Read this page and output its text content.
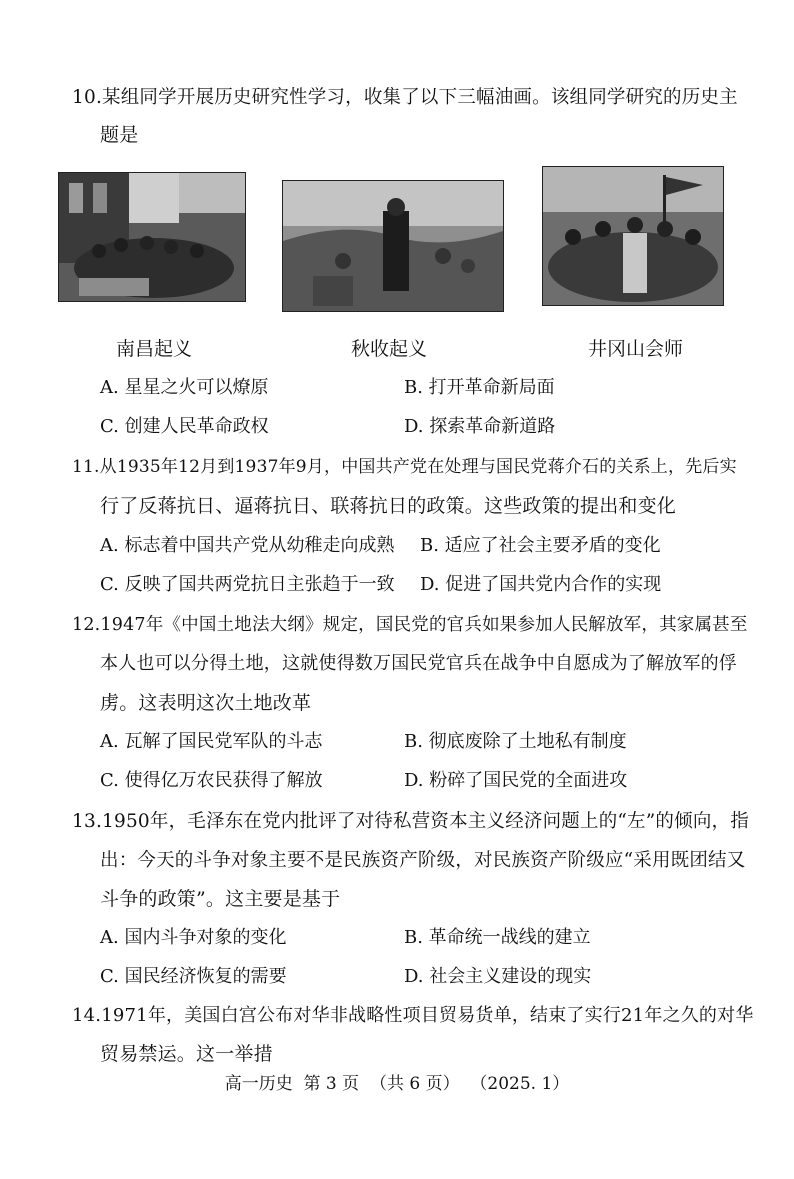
10.某组同学开展历史研究性学习，收集了以下三幅油画。该组同学研究的历史主
题是
南昌起义	秋收起义	井冈山会师
A. 星星之火可以燎原	B. 打开革命新局面
C. 创建人民革命政权	D. 探索革命新道路
11.从1935年12月到1937年9月，中国共产党在处理与国民党蒋介石的关系上，先后实
行了反蒋抗日、逼蒋抗日、联蒋抗日的政策。这些政策的提出和变化
A. 标志着中国共产党从幼稚走向成熟 B. 适应了社会主要矛盾的变化
C. 反映了国共两党抗日主张趋于一致 D. 促进了国共党内合作的实现
12.1947年《中国土地法大纲》规定，国民党的官兵如果参加人民解放军，其家属甚至
本人也可以分得土地，这就使得数万国民党官兵在战争中自愿成为了解放军的俘
虏。这表明这次土地改革
A. 瓦解了国民党军队的斗志	B. 彻底废除了土地私有制度
C. 使得亿万农民获得了解放	D. 粉碎了国民党的全面进攻
13.1950年，毛泽东在党内批评了对待私营资本主义经济问题上的“左”的倾向，指
出：今天的斗争对象主要不是民族资产阶级，对民族资产阶级应“采用既团结又
斗争的政策”。这主要是基于
A. 国内斗争对象的变化	B. 革命统一战线的建立
C. 国民经济恢复的需要	D. 社会主义建设的现实
14.1971年，美国白宫公布对华非战略性项目贸易货单，结束了实行21年之久的对华
贸易禁运。这一举措
高一历史  第 3 页  （共 6 页）  （2025. 1）
